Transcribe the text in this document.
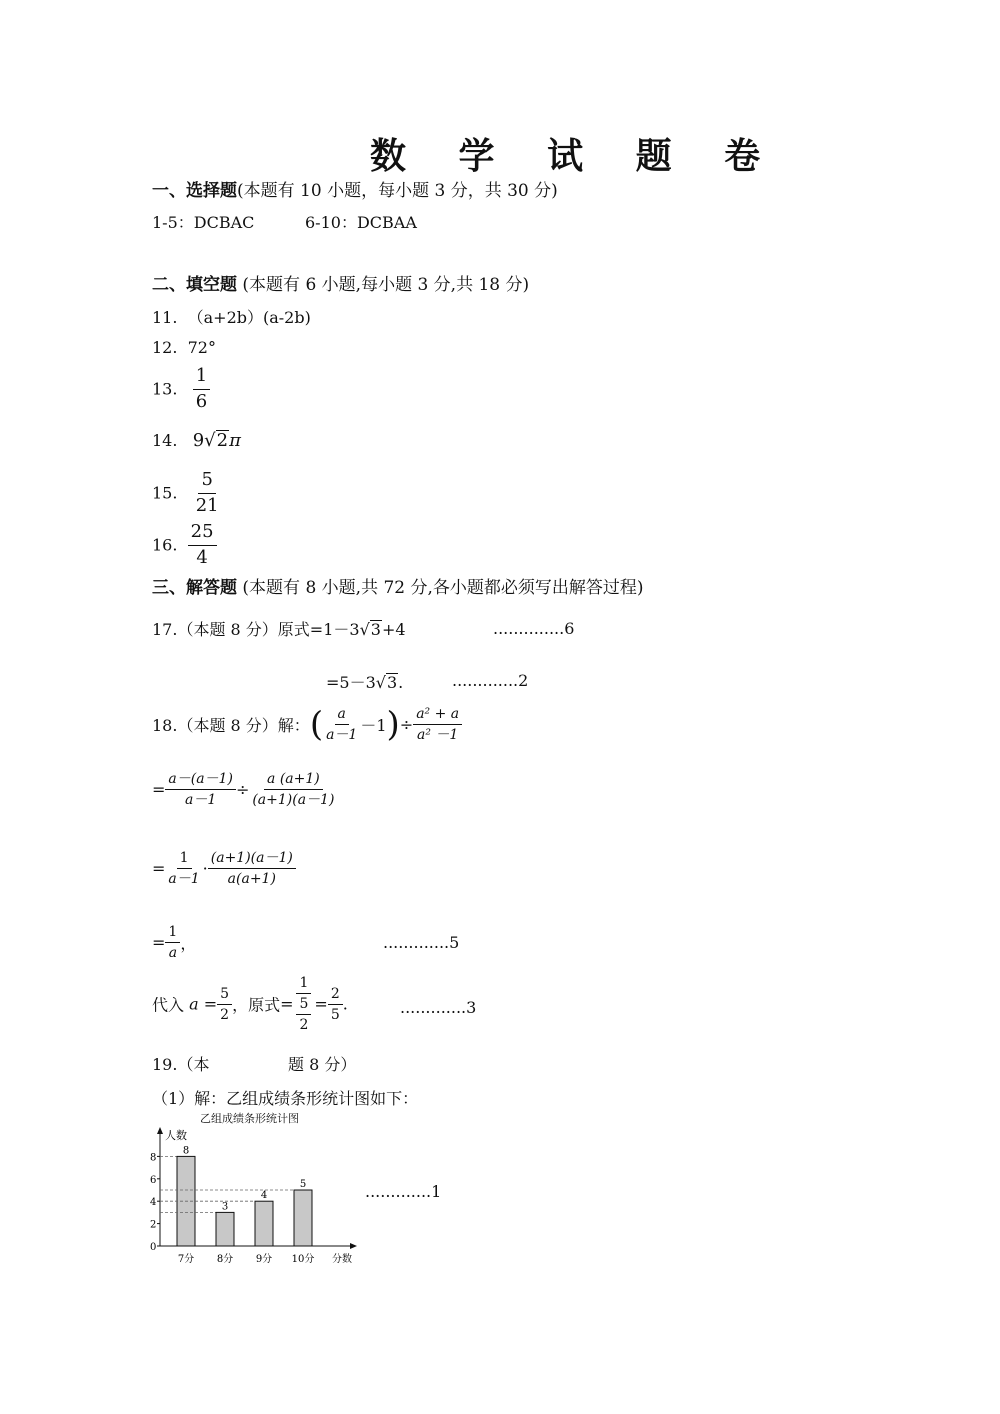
数 学 试 题 卷
一、选择题(本题有 10 小题，每小题 3 分，共 30 分)
1-5：DCBAC	6-10：DCBAA
二、填空题 (本题有 6 小题,每小题 3 分,共 18 分)
11. （a+2b）(a-2b)
12. 72°
13. $\frac{1}{6}$
14. 9√2π
15. $\frac{5}{21}$
16. $\frac{25}{4}$
三、解答题 (本题有 8 小题,共 72 分,各小题都必须写出解答过程)
17.（本题 8 分）原式=1－3√3+4	..............6
=5－3√3.	.............2
18.（本题 8 分）解：( $\frac{a}{a-1} -1)\div \frac{\text{a² + a}}{\text{a² －1}}$
= $\frac{a-(a-1)}{a-1} \div \frac{a (a+1)}{(a+1)(a-1)}$
= $\frac{1}{a-1} \cdot \frac{(a+1)(a-1)}{a(a+1)}$
= $\frac{1}{a}$ ，	.............5
代入 $a = \frac{5}{2}$ ，原式= $\frac{1}{\frac{5}{2}} = \frac{2}{5}$ .	.............3
19.（本	题 8 分）
（1）解：乙组成绩条形统计图如下：
乙组成绩条形统计图
人数
分数
0
2
4
6
8
8
7分
3
8分
4
9分
5
10分
.............1
